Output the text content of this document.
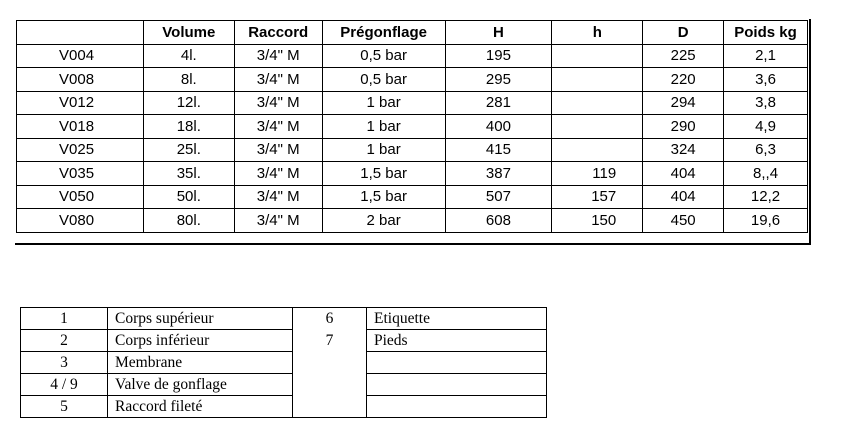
	Volume	Raccord	Prégonflage	H	h	D	Poids kg
V004	4l.	3/4" M	0,5 bar	195		225	2,1
V008	8l.	3/4" M	0,5 bar	295		220	3,6
V012	12l.	3/4" M	1 bar	281		294	3,8
V018	18l.	3/4" M	1 bar	400		290	4,9
V025	25l.	3/4" M	1 bar	415		324	6,3
V035	35l.	3/4" M	1,5 bar	387	119	404	8,,4
V050	50l.	3/4" M	1,5 bar	507	157	404	12,2
V080	80l.	3/4" M	2 bar	608	150	450	19,6
1	Corps supérieur	6	Etiquette
2	Corps inférieur	7	Pieds
3	Membrane		
4 / 9	Valve de gonflage		
5	Raccord fileté		
